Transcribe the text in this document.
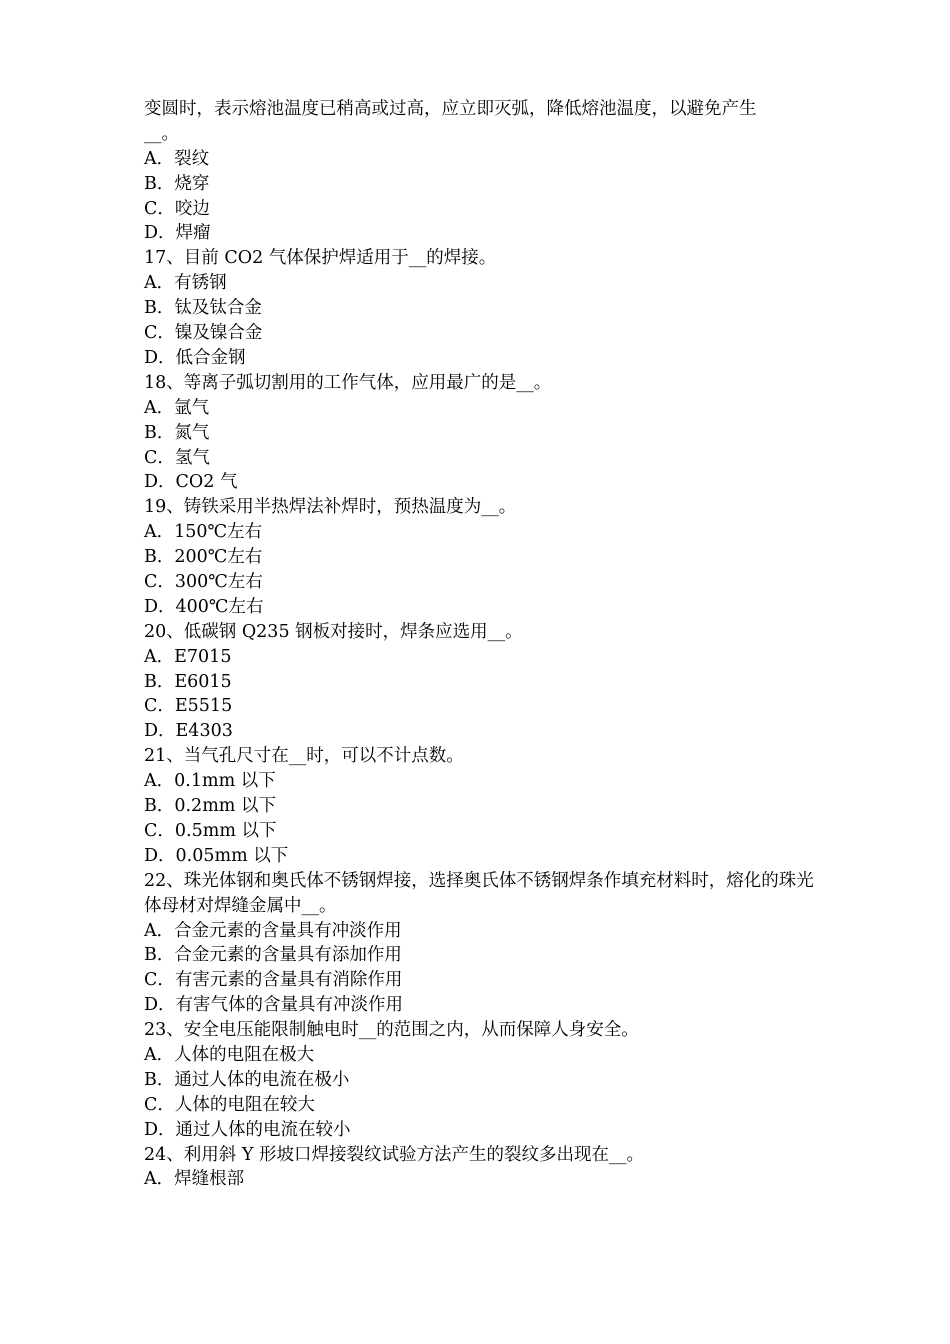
变圆时，表示熔池温度已稍高或过高，应立即灭弧，降低熔池温度，以避免产生
__。
A．裂纹
B．烧穿
C．咬边
D．焊瘤
17、目前 CO2 气体保护焊适用于__的焊接。
A．有锈钢
B．钛及钛合金
C．镍及镍合金
D．低合金钢
18、等离子弧切割用的工作气体，应用最广的是__。
A．氩气
B．氮气
C．氢气
D．CO2 气
19、铸铁采用半热焊法补焊时，预热温度为__。
A．150℃左右
B．200℃左右
C．300℃左右
D．400℃左右
20、低碳钢 Q235 钢板对接时，焊条应选用__。
A．E7015
B．E6015
C．E5515
D．E4303
21、当气孔尺寸在__时，可以不计点数。
A．0.1mm 以下
B．0.2mm 以下
C．0.5mm 以下
D．0.05mm 以下
22、珠光体钢和奥氏体不锈钢焊接，选择奥氏体不锈钢焊条作填充材料时，熔化的珠光体母材对焊缝金属中__。
A．合金元素的含量具有冲淡作用
B．合金元素的含量具有添加作用
C．有害元素的含量具有消除作用
D．有害气体的含量具有冲淡作用
23、安全电压能限制触电时__的范围之内，从而保障人身安全。
A．人体的电阻在极大
B．通过人体的电流在极小
C．人体的电阻在较大
D．通过人体的电流在较小
24、利用斜 Y 形坡口焊接裂纹试验方法产生的裂纹多出现在__。
A．焊缝根部
